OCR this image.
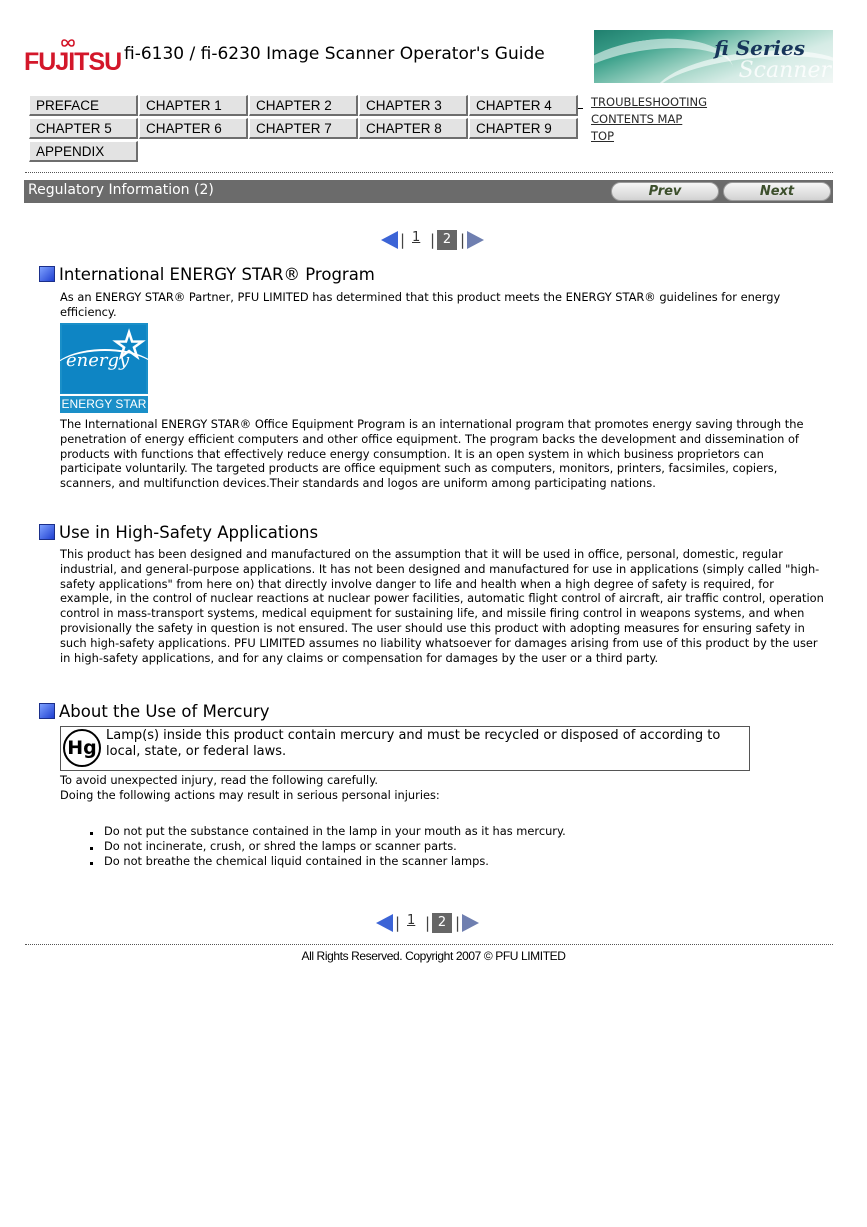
FUJITSU fi-6130 / fi-6230 Image Scanner Operator's Guide	fi Series
Scanner
PREFACE	CHAPTER 1	CHAPTER 2	CHAPTER 3	CHAPTER 4
CHAPTER 5	CHAPTER 6	CHAPTER 7	CHAPTER 8	CHAPTER 9
APPENDIX
TROUBLESHOOTING
CONTENTS MAP
TOP
Regulatory Information (2)	Prev	Next
| 1 | 2 |
International ENERGY STAR® Program

As an ENERGY STAR® Partner, PFU LIMITED has determined that this product meets the ENERGY STAR® guidelines for energy efficiency.

☆
energy
ENERGY STAR

The International ENERGY STAR® Office Equipment Program is an international program that promotes energy saving through the penetration of energy efficient computers and other office equipment. The program backs the development and dissemination of products with functions that effectively reduce energy consumption. It is an open system in which business proprietors can participate voluntarily. The targeted products are office equipment such as computers, monitors, printers, facsimiles, copiers, scanners, and multifunction devices.Their standards and logos are uniform among participating nations.

Use in High-Safety Applications

This product has been designed and manufactured on the assumption that it will be used in office, personal, domestic, regular industrial, and general-purpose applications. It has not been designed and manufactured for use in applications (simply called "high-safety applications" from here on) that directly involve danger to life and health when a high degree of safety is required, for example, in the control of nuclear reactions at nuclear power facilities, automatic flight control of aircraft, air traffic control, operation control in mass-transport systems, medical equipment for sustaining life, and missile firing control in weapons systems, and when provisionally the safety in question is not ensured. The user should use this product with adopting measures for ensuring safety in such high-safety applications. PFU LIMITED assumes no liability whatsoever for damages arising from use of this product by the user in high-safety applications, and for any claims or compensation for damages by the user or a third party.

About the Use of Mercury
Hg
Lamp(s) inside this product contain mercury and must be recycled or disposed of according to local, state, or federal laws.

To avoid unexpected injury, read the following carefully.

Doing the following actions may result in serious personal injuries:

Do not put the substance contained in the lamp in your mouth as it has mercury.
Do not incinerate, crush, or shred the lamps or scanner parts.
Do not breathe the chemical liquid contained in the scanner lamps.
| 1 | 2 |
All Rights Reserved. Copyright 2007 © PFU LIMITED
